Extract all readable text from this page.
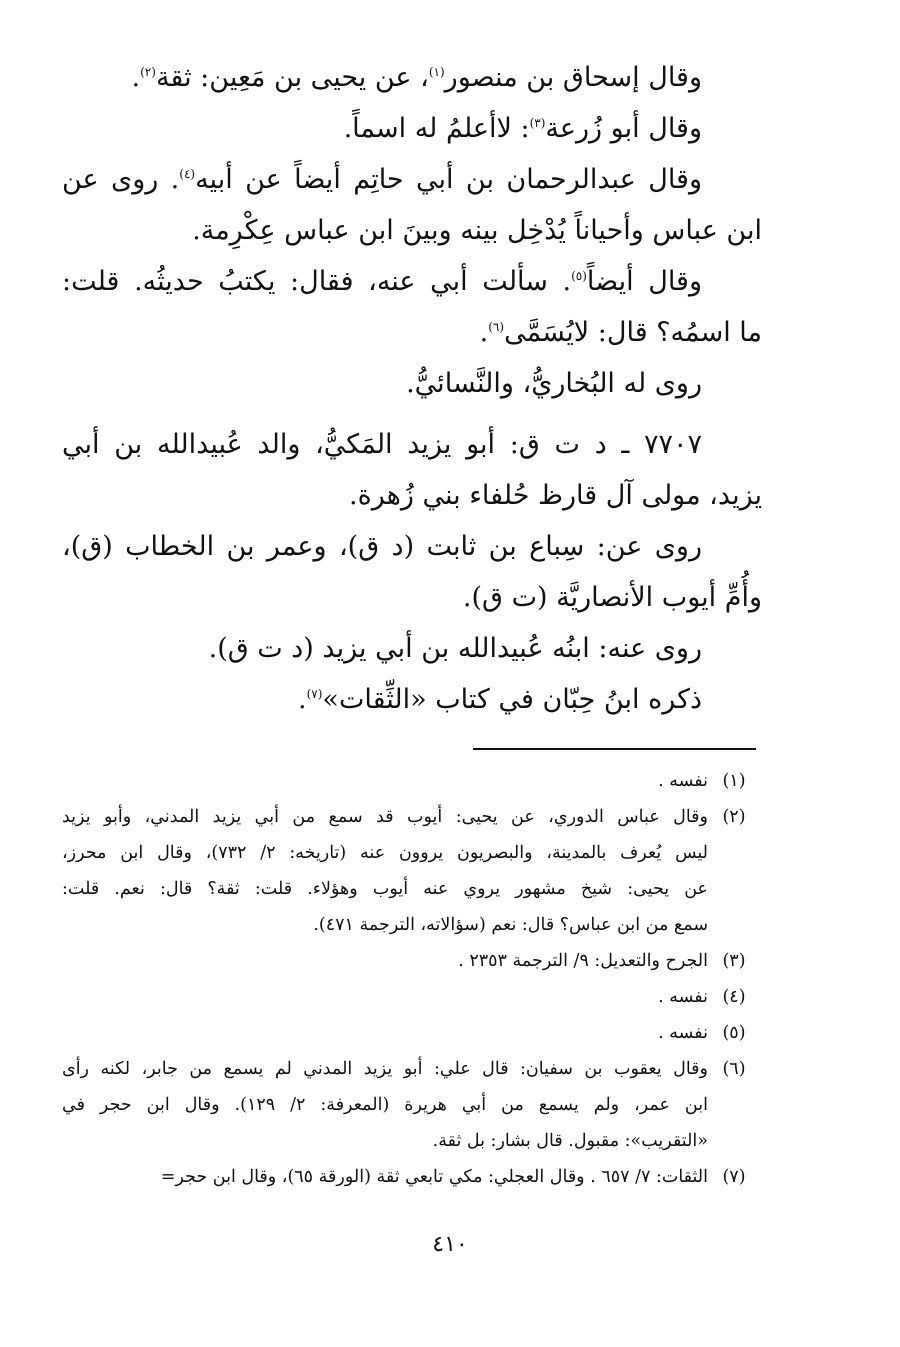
وقال إسحاق بن منصور$^{(١)}$، عن يحيى بن مَعِين: ثقة$^{(٢)}$.

وقال أبو زُرعة$^{(٣)}$: لاأعلمُ له اسماً.

وقال عبدالرحمان بن أبي حاتِم أيضاً عن أبيه$^{(٤)}$. روى عن

ابن عباس وأحياناً يُدْخِل بينه وبينَ ابن عباس عِكْرِمة.

وقال أيضاً$^{(٥)}$. سألت أبي عنه، فقال: يكتبُ حديثُه. قلت:

ما اسمُه؟ قال: لايُسَمَّى$^{(٦)}$.

روى له البُخاريُّ، والنَّسائيُّ.

٧٧٠٧ ـ د ت ق: أبو يزيد المَكيُّ، والد عُبيدالله بن أبي

يزيد، مولى آل قارظ حُلفاء بني زُهرة.

روى عن: سِباع بن ثابت (د ق)، وعمر بن الخطاب (ق)،

وأُمِّ أيوب الأنصاريَّة (ت ق).

روى عنه: ابنُه عُبيدالله بن أبي يزيد (د ت ق).

ذكره ابنُ حِبّان في كتاب «الثِّقات»$^{(٧)}$.

(١)

نفسه .

(٢)

وقال عباس الدوري، عن يحيى: أيوب قد سمع من أبي يزيد المدني، وأبو يزيد

ليس يُعرف بالمدينة، والبصريون يروون عنه (تاريخه: ٢/ ٧٣٢)، وقال ابن محرز،

عن يحيى: شيخ مشهور يروي عنه أيوب وهؤلاء. قلت: ثقة؟ قال: نعم. قلت:

سمع من ابن عباس؟ قال: نعم (سؤالاته، الترجمة ٤٧١).

(٣)

الجرح والتعديل: ٩/ الترجمة ٢٣٥٣ .

(٤)

نفسه .

(٥)

نفسه .

(٦)

وقال يعقوب بن سفيان: قال علي: أبو يزيد المدني لم يسمع من جابر، لكنه رأى

ابن عمر، ولم يسمع من أبي هريرة (المعرفة: ٢/ ١٢٩). وقال ابن حجر في

«التقريب»: مقبول. قال بشار: بل ثقة.

(٧)

الثقات: ٧/ ٦٥٧ . وقال العجلي: مكي تابعي ثقة (الورقة ٦٥)، وقال ابن حجر=

٤١٠
